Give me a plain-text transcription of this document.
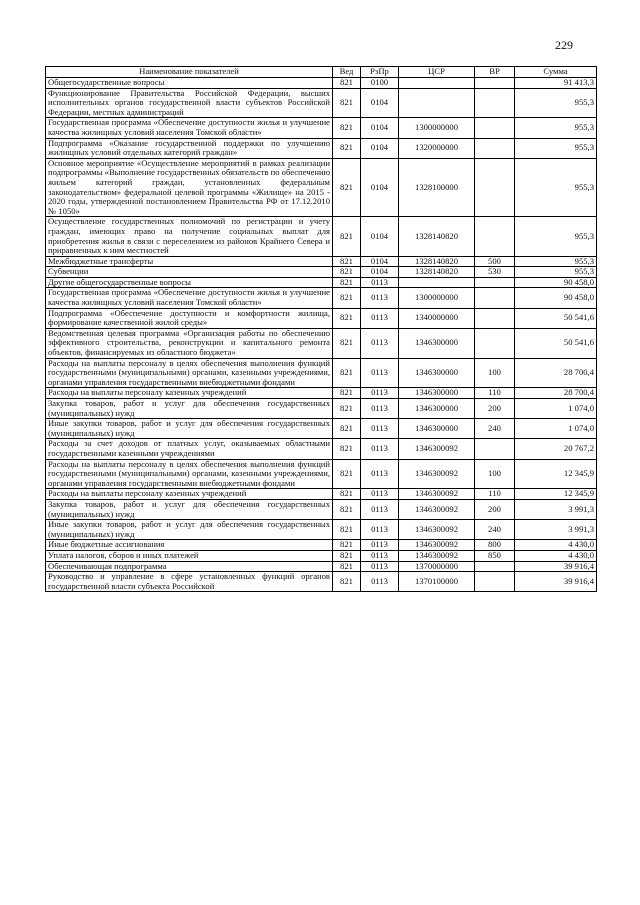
229
Наименование показателей	Вед	РзПр	ЦСР	ВР	Сумма
Общегосударственные вопросы	821	0100			91 413,3
Функционирование Правительства Российской Федерации, высших исполнительных органов государственной власти субъектов Российской Федерации, местных администраций	821	0104			955,3
Государственная программа «Обеспечение доступности жилья и улучшение качества жилищных условий населения Томской области»	821	0104	1300000000		955,3
Подпрограмма «Оказание государственной поддержки по улучшению жилищных условий отдельных категорий граждан»	821	0104	1320000000		955,3
Основное мероприятие «Осуществление мероприятий в рамках реализации подпрограммы «Выполнение государственных обязательств по обеспечению жильем категорий граждан, установленных федеральным законодательством» федеральной целевой программы «Жилище» на 2015 - 2020 годы, утвержденной постановлением Правительства РФ от 17.12.2010 № 1050»	821	0104	1328100000		955,3
Осуществление государственных полномочий по регистрации и учету граждан, имеющих право на получение социальных выплат для приобретения жилья в связи с переселением из районов Крайнего Севера и приравненных к ним местностей	821	0104	1328140820		955,3
Межбюджетные трансферты	821	0104	1328140820	500	955,3
Субвенции	821	0104	1328140820	530	955,3
Другие общегосударственные вопросы	821	0113			90 458,0
Государственная программа «Обеспечение доступности жилья и улучшение качества жилищных условий населения Томской области»	821	0113	1300000000		90 458,0
Подпрограмма «Обеспечение доступности и комфортности жилища, формирование качественной жилой среды»	821	0113	1340000000		50 541,6
Ведомственная целевая программа «Организация работы по обеспечению эффективного строительства, реконструкции и капитального ремонта объектов, финансируемых из областного бюджета»	821	0113	1346300000		50 541,6
Расходы на выплаты персоналу в целях обеспечения выполнения функций государственными (муниципальными) органами, казенными учреждениями, органами управления государственными внебюджетными фондами	821	0113	1346300000	100	28 700,4
Расходы на выплаты персоналу казенных учреждений	821	0113	1346300000	110	28 700,4
Закупка товаров, работ и услуг для обеспечения государственных (муниципальных) нужд	821	0113	1346300000	200	1 074,0
Иные закупки товаров, работ и услуг для обеспечения государственных (муниципальных) нужд	821	0113	1346300000	240	1 074,0
Расходы за счет доходов от платных услуг, оказываемых областными государственными казенными учреждениями	821	0113	1346300092		20 767,2
Расходы на выплаты персоналу в целях обеспечения выполнения функций государственными (муниципальными) органами, казенными учреждениями, органами управления государственными внебюджетными фондами	821	0113	1346300092	100	12 345,9
Расходы на выплаты персоналу казенных учреждений	821	0113	1346300092	110	12 345,9
Закупка товаров, работ и услуг для обеспечения государственных (муниципальных) нужд	821	0113	1346300092	200	3 991,3
Иные закупки товаров, работ и услуг для обеспечения государственных (муниципальных) нужд	821	0113	1346300092	240	3 991,3
Иные бюджетные ассигнования	821	0113	1346300092	800	4 430,0
Уплата налогов, сборов и иных платежей	821	0113	1346300092	850	4 430,0
Обеспечивающая подпрограмма	821	0113	1370000000		39 916,4
Руководство и управление в сфере установленных функций органов государственной власти субъекта Российской	821	0113	1370100000		39 916,4
